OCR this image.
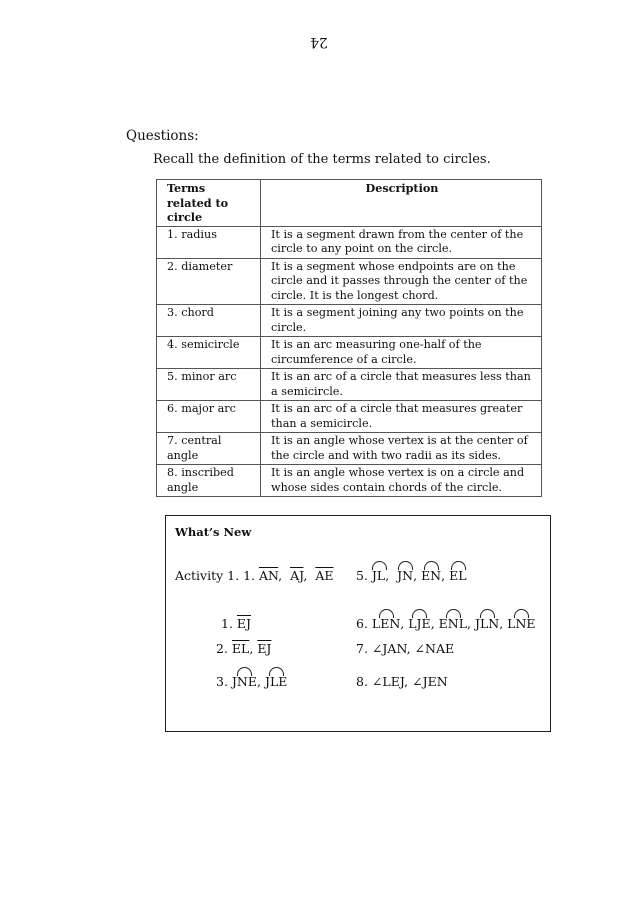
24
Questions:
Recall the definition of the terms related to circles.
Terms related to circle	Description
1. radius	It is a segment drawn from the center of the circle to any point on the circle.
2. diameter	It is a segment whose endpoints are on the circle and it passes through the center of the circle. It is the longest chord.
3. chord	It is a segment joining any two points on the circle.
4. semicircle	It is an arc measuring one-half of the circumference of a circle.
5. minor arc	It is an arc of a circle that measures less than a semicircle.
6. major arc	It is an arc of a circle that measures greater than a semicircle.
7. central angle	It is an angle whose vertex is at the center of the circle and with two radii as its sides.
8. inscribed angle	It is an angle whose vertex is on a circle and whose sides contain chords of the circle.
What’s New
Activity 1. 1. $\overline{AN}$,  $\overline{AJ}$,  $\overline{AE}$
1. $\overline{EJ}$
2. $\overline{EL}$, $\overline{EJ}$
3. JNE, JLE
5. JL,  JN, EN, EL
6. LEN, LJE, ENL, JLN, LNE
7. ∠JAN, ∠NAE
8. ∠LEJ, ∠JEN
